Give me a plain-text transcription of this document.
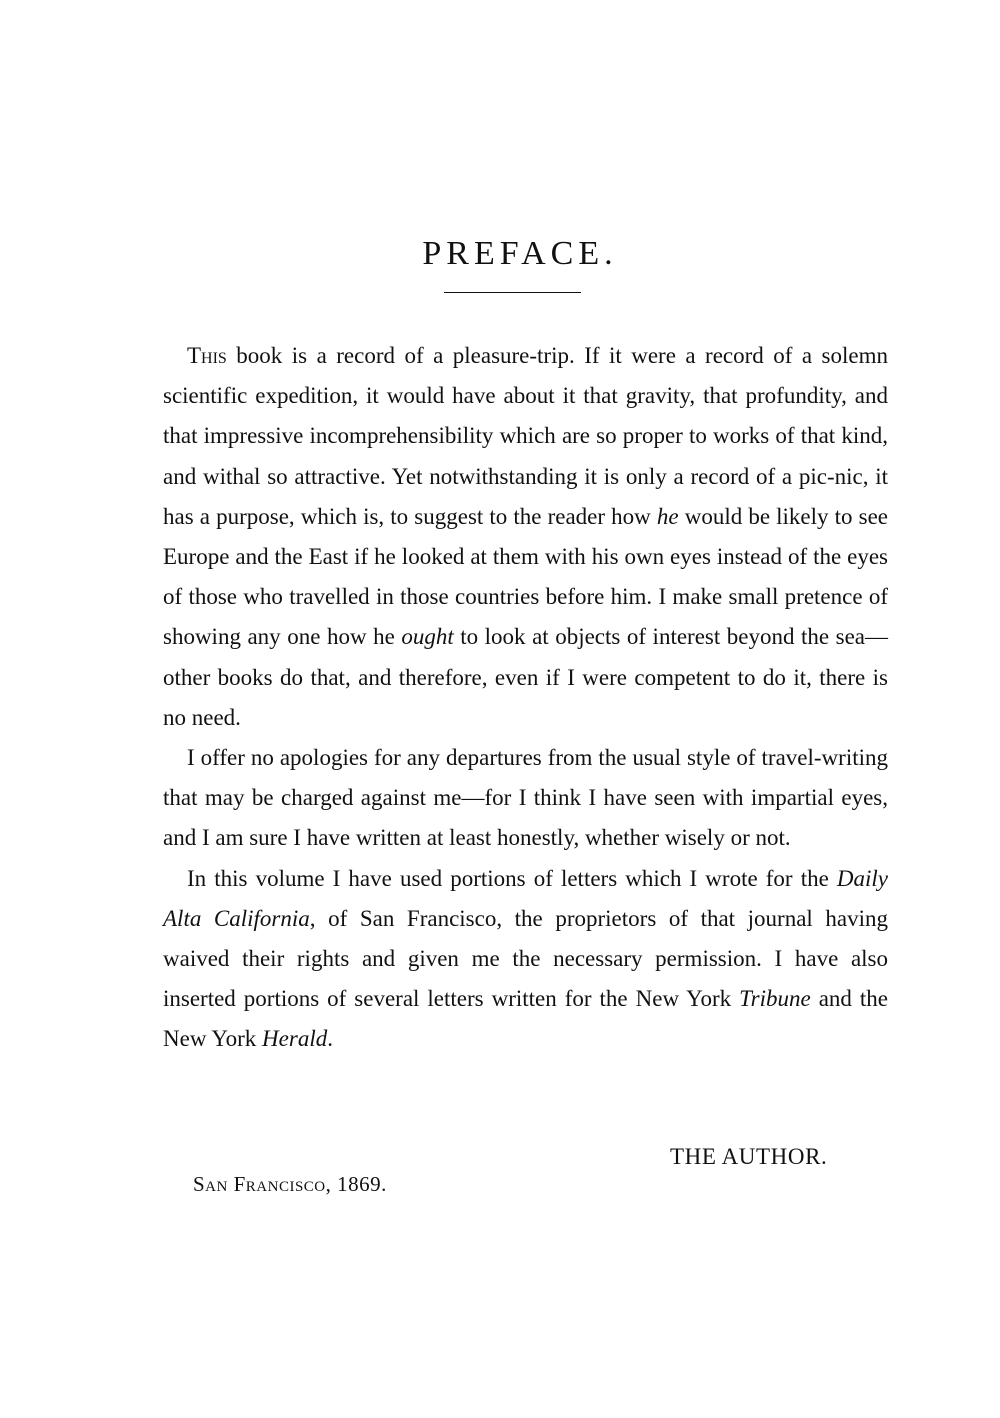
PREFACE.

This book is a record of a pleasure-trip. If it were a record of a solemn scientific expedition, it would have about it that gravity, that profundity, and that impressive incomprehensibility which are so proper to works of that kind, and withal so attractive. Yet notwithstanding it is only a record of a pic-nic, it has a purpose, which is, to suggest to the reader how he would be likely to see Europe and the East if he looked at them with his own eyes instead of the eyes of those who travelled in those countries before him. I make small pretence of showing any one how he ought to look at objects of interest beyond the sea—other books do that, and therefore, even if I were competent to do it, there is no need.

I offer no apologies for any departures from the usual style of travel-writing that may be charged against me—for I think I have seen with impartial eyes, and I am sure I have written at least honestly, whether wisely or not.

In this volume I have used portions of letters which I wrote for the Daily Alta California, of San Francisco, the proprietors of that journal having waived their rights and given me the necessary permission. I have also inserted portions of several letters written for the New York Tribune and the New York Herald.

THE AUTHOR.
San Francisco, 1869.
